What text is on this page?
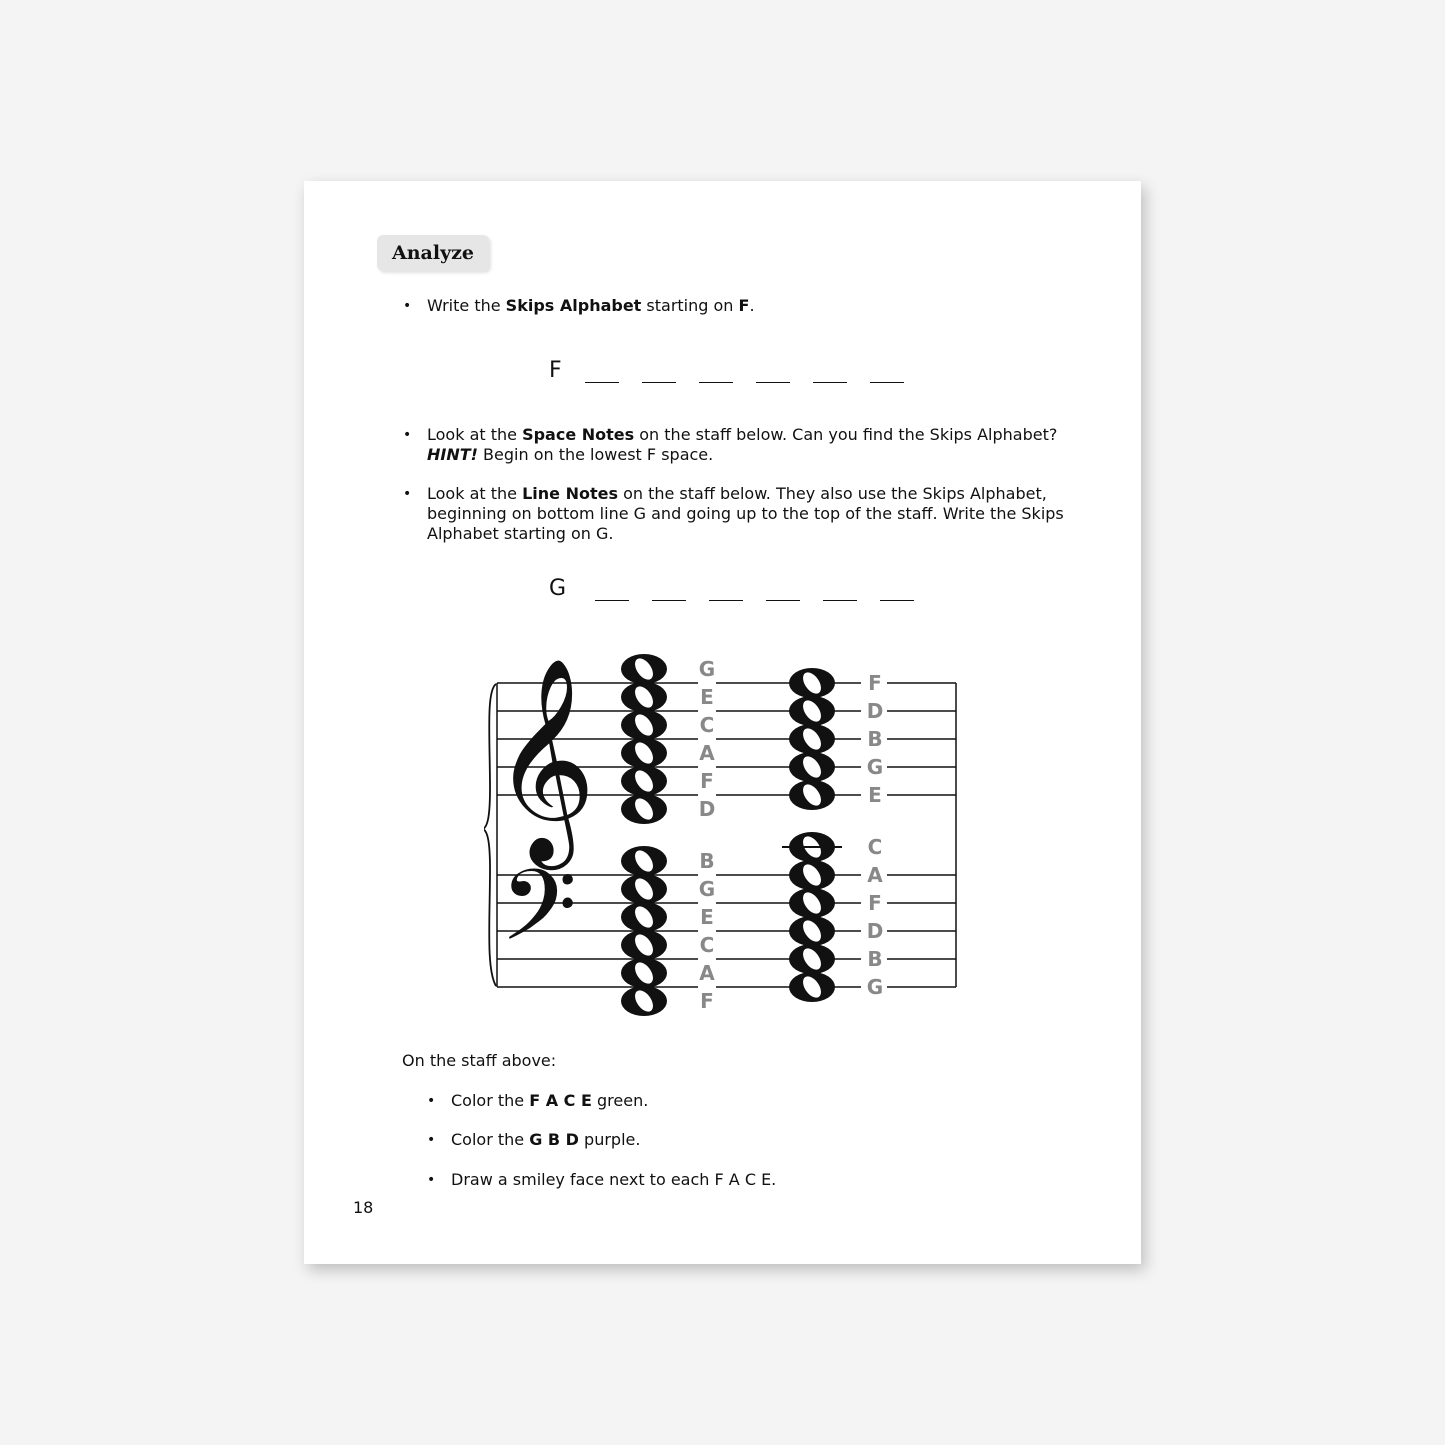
Analyze
• Write the Skips Alphabet starting on F.
F
• Look at the Space Notes on the staff below. Can you find the Skips Alphabet?
HINT! Begin on the lowest F space.
• Look at the Line Notes on the staff below. They also use the Skips Alphabet,
beginning on bottom line G and going up to the top of the staff. Write the Skips
Alphabet starting on G.
G
𝄞
𝄢
G
E
C
A
F
D
F
D
B
G
E
B
G
E
C
A
F
C
A
F
D
B
G
On the staff above:
• Color the F A C E green.
• Color the G B D purple.
• Draw a smiley face next to each F A C E.
18
